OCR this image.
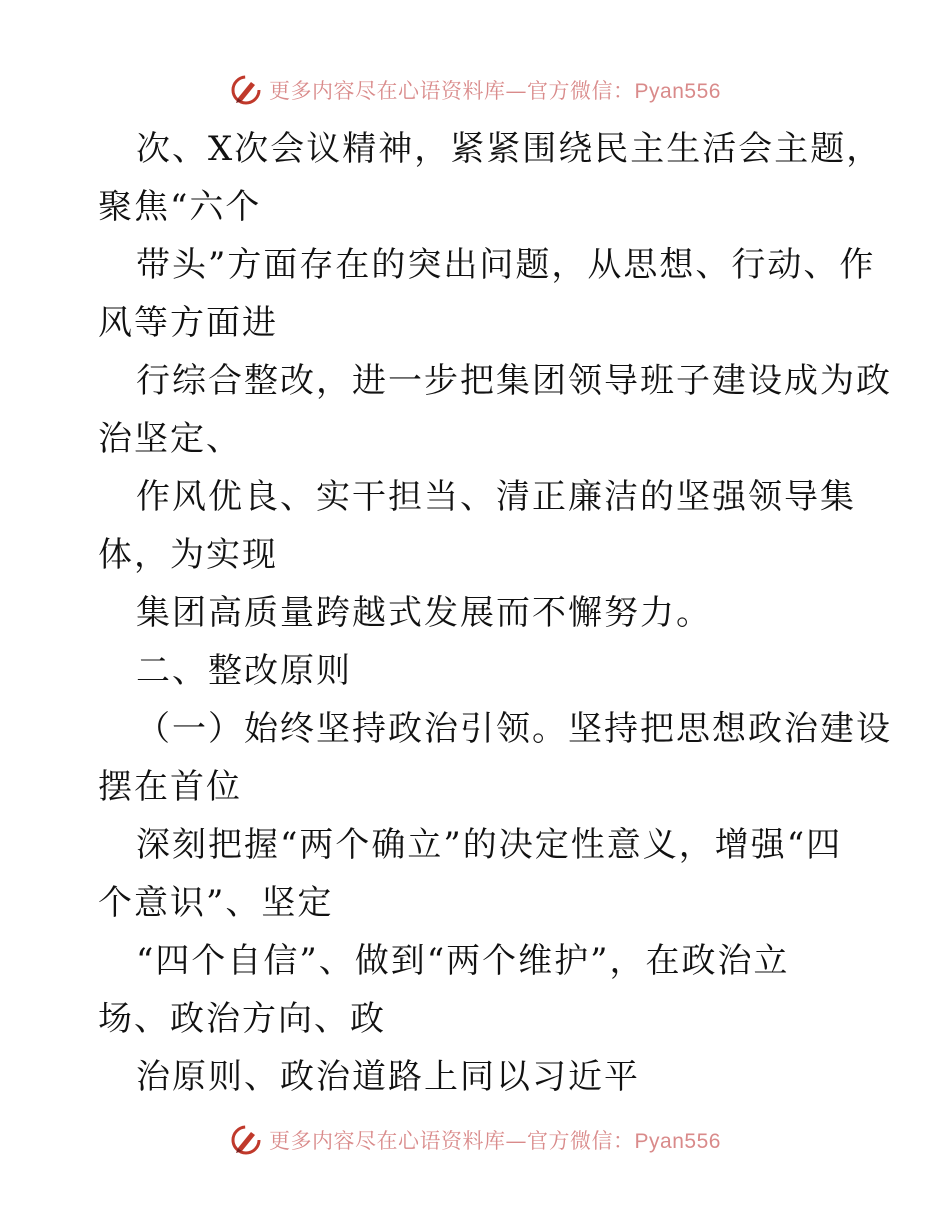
更多内容尽在心语资料库—官方微信：Pyan556
次、X次会议精神，紧紧围绕民主生活会主题，
聚焦“六个
带头”方面存在的突出问题，从思想、行动、作
风等方面进
行综合整改，进一步把集团领导班子建设成为政
治坚定、
作风优良、实干担当、清正廉洁的坚强领导集
体，为实现
集团高质量跨越式发展而不懈努力。
二、整改原则
（一）始终坚持政治引领。坚持把思想政治建设
摆在首位
深刻把握“两个确立”的决定性意义，增强“四
个意识”、坚定
“四个自信”、做到“两个维护”，在政治立
场、政治方向、政
治原则、政治道路上同以习近平
更多内容尽在心语资料库—官方微信：Pyan556
